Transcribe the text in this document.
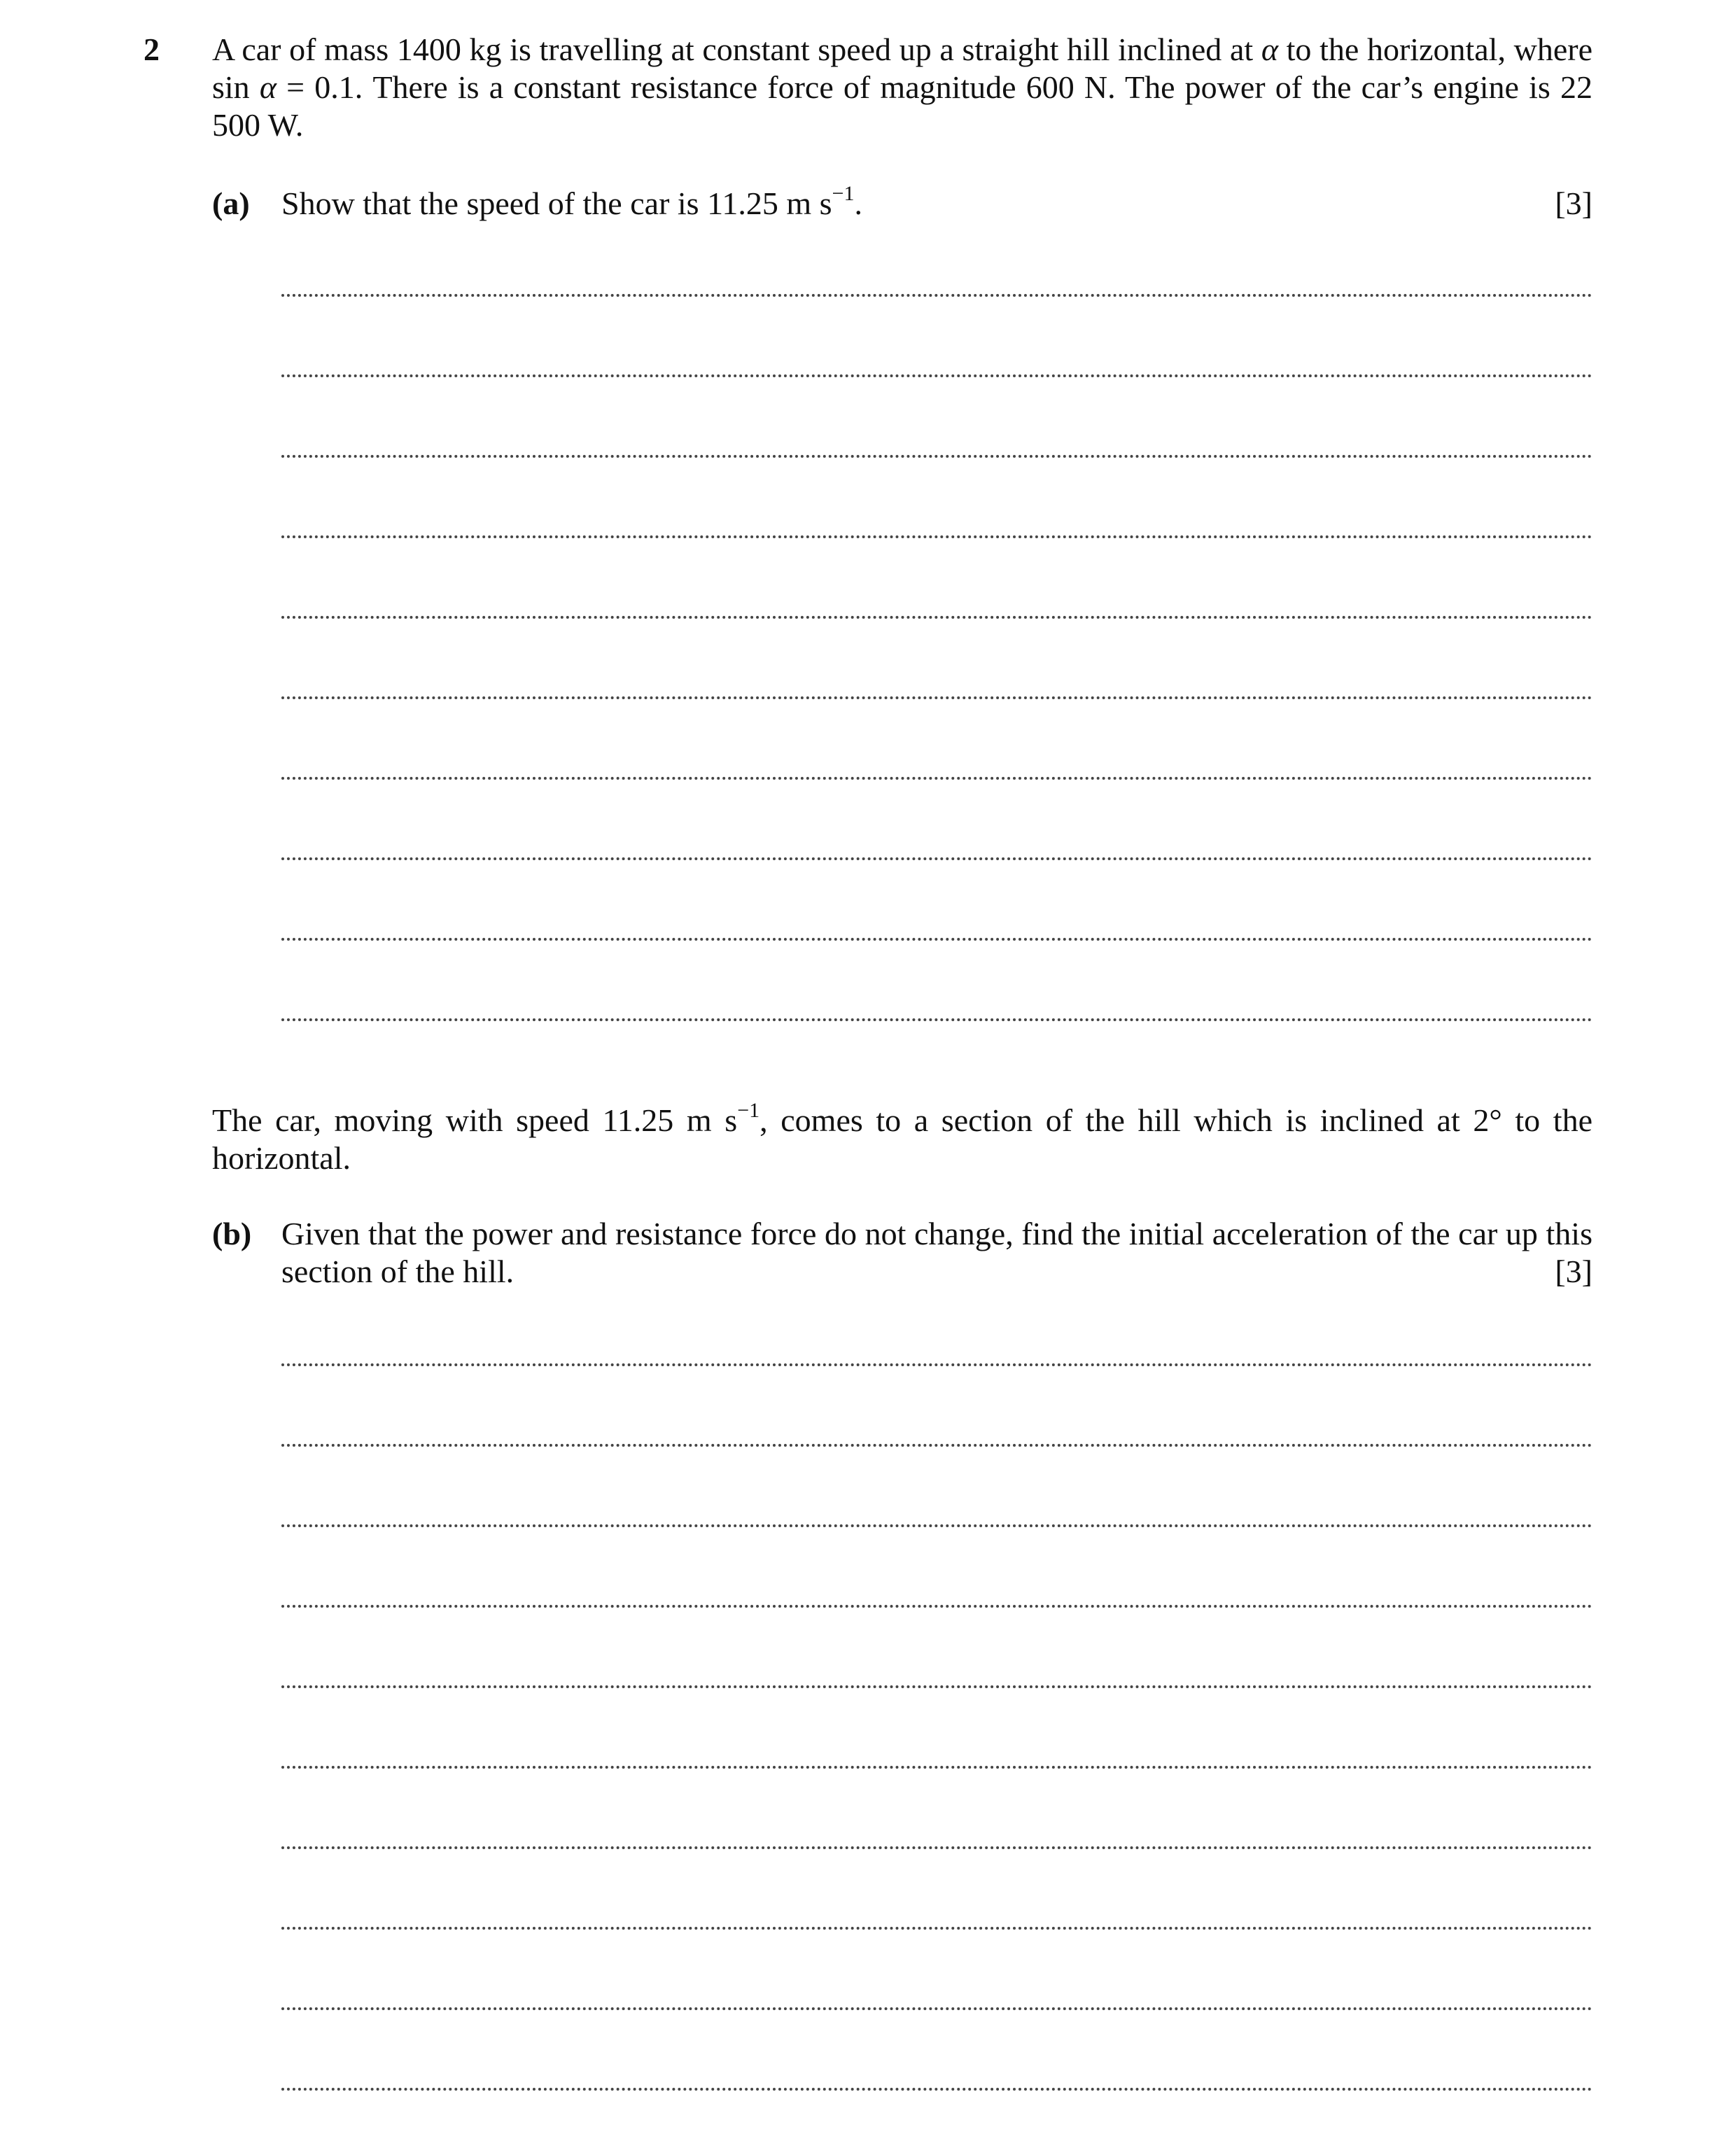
2 A car of mass 1400 kg is travelling at constant speed up a straight hill inclined at α to the horizontal, where sin α = 0.1. There is a constant resistance force of magnitude 600 N. The power of the car’s engine is 22 500 W.
(a) Show that the speed of the car is 11.25 m $s^{-1}$.	[3]
The car, moving with speed 11.25 m $s^{-1}$, comes to a section of the hill which is inclined at 2° to the horizontal.
(b) Given that the power and resistance force do not change, find the initial acceleration of the car up this section of the hill.	[3]
